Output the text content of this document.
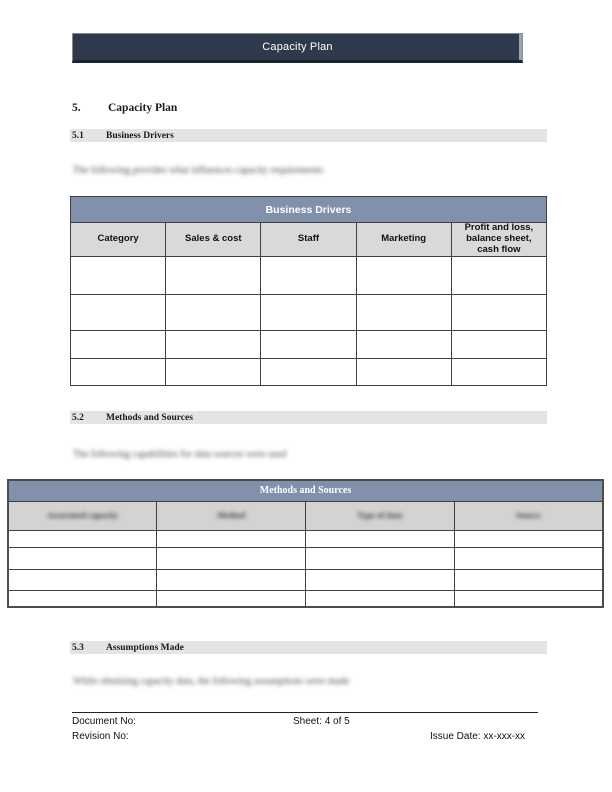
Capacity Plan
5.	Capacity Plan
5.1	Business Drivers
The following provides what influences capacity requirements
Business Drivers				
Category	Sales & cost	Staff	Marketing	Profit and loss, balance sheet, cash flow

5.2	Methods and Sources
The following capabilities for data sources were used
Methods and Sources			
Associated capacity	Method	Type of data	Source

5.3	Assumptions Made
While obtaining capacity data, the following assumptions were made
Document No:	Sheet: 4 of 5
Revision No:	Issue Date: xx-xxx-xx
